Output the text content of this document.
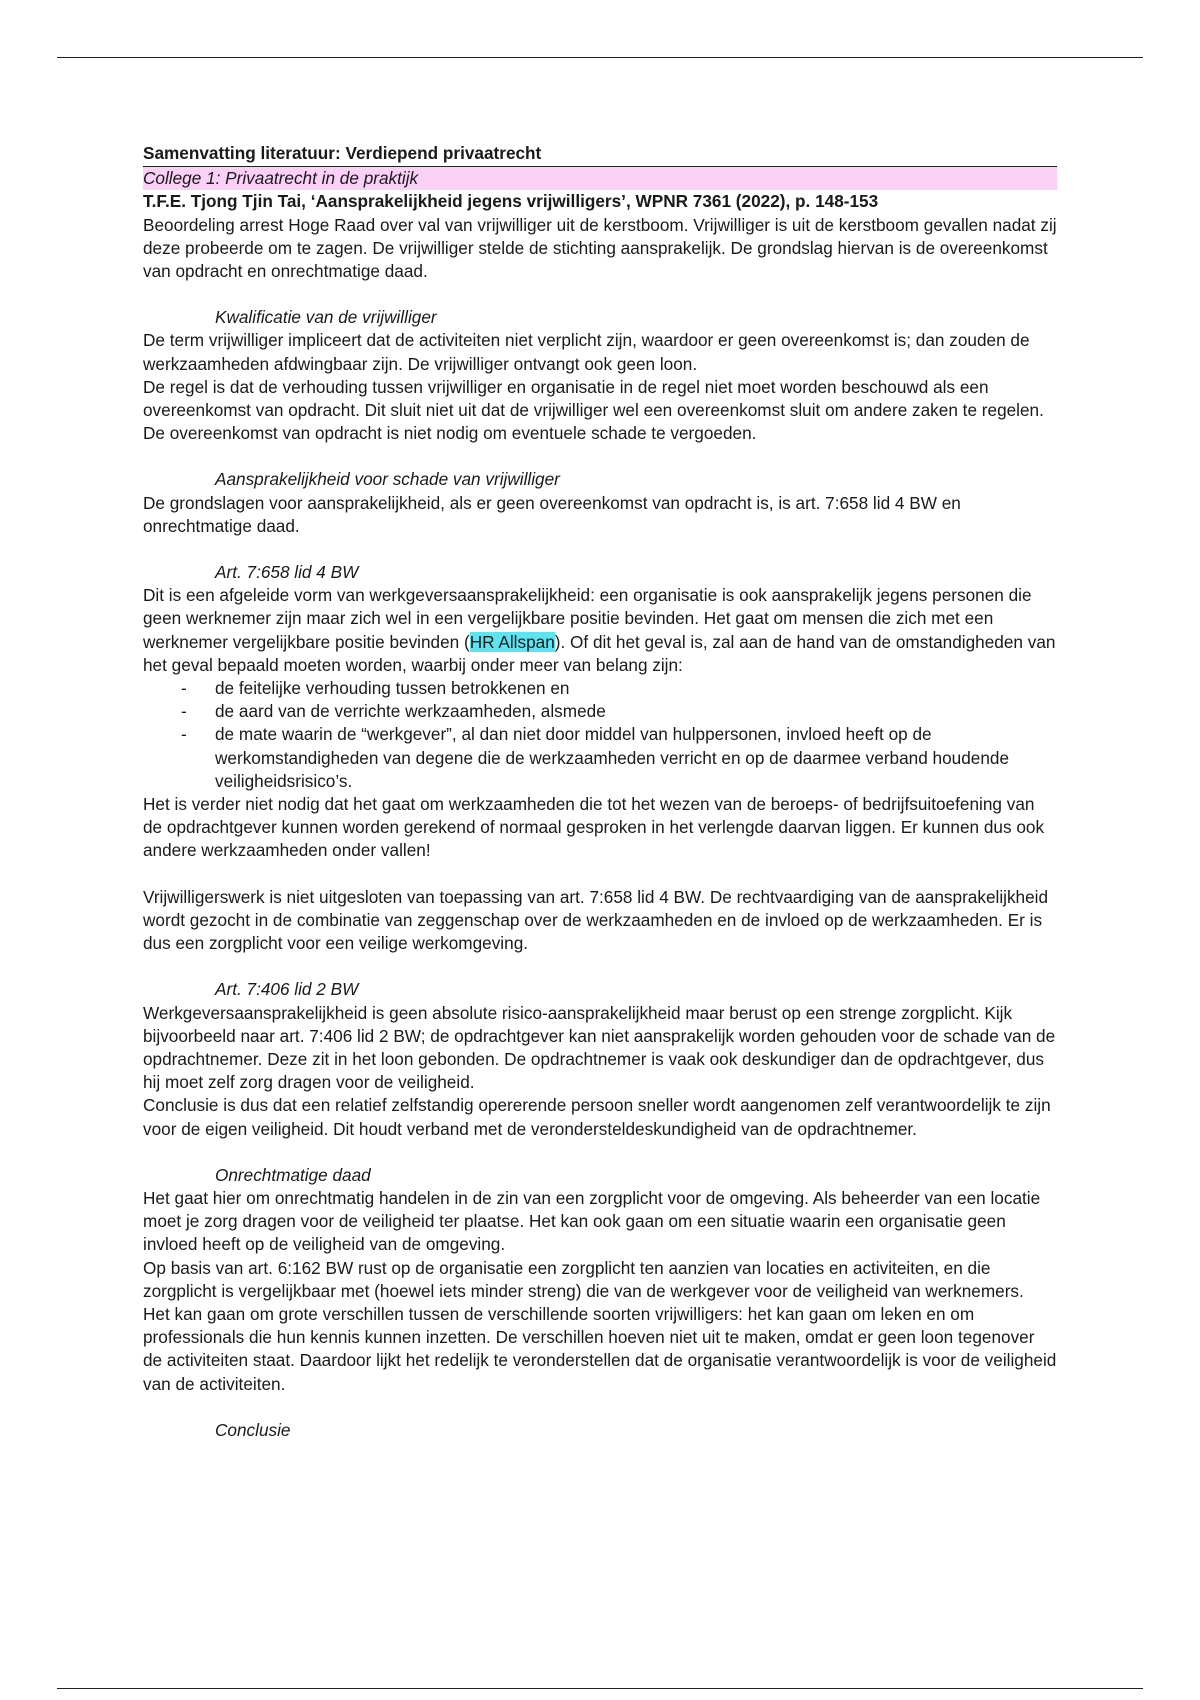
Samenvatting literatuur: Verdiepend privaatrecht
College 1: Privaatrecht in de praktijk
T.F.E. Tjong Tjin Tai, ‘Aansprakelijkheid jegens vrijwilligers’, WPNR 7361 (2022), p. 148-153

Beoordeling arrest Hoge Raad over val van vrijwilliger uit de kerstboom. Vrijwilliger is uit de kerstboom gevallen nadat zij deze probeerde om te zagen. De vrijwilliger stelde de stichting aansprakelijk. De grondslag hiervan is de overeenkomst van opdracht en onrechtmatige daad.

Kwalificatie van de vrijwilliger

De term vrijwilliger impliceert dat de activiteiten niet verplicht zijn, waardoor er geen overeenkomst is; dan zouden de werkzaamheden afdwingbaar zijn. De vrijwilliger ontvangt ook geen loon.

De regel is dat de verhouding tussen vrijwilliger en organisatie in de regel niet moet worden beschouwd als een overeenkomst van opdracht. Dit sluit niet uit dat de vrijwilliger wel een overeenkomst sluit om andere zaken te regelen.

De overeenkomst van opdracht is niet nodig om eventuele schade te vergoeden.

Aansprakelijkheid voor schade van vrijwilliger

De grondslagen voor aansprakelijkheid, als er geen overeenkomst van opdracht is, is art. 7:658 lid 4 BW en onrechtmatige daad.

Art. 7:658 lid 4 BW

Dit is een afgeleide vorm van werkgeversaansprakelijkheid: een organisatie is ook aansprakelijk jegens personen die geen werknemer zijn maar zich wel in een vergelijkbare positie bevinden. Het gaat om mensen die zich met een werknemer vergelijkbare positie bevinden (HR Allspan). Of dit het geval is, zal aan de hand van de omstandigheden van het geval bepaald moeten worden, waarbij onder meer van belang zijn:

- de feitelijke verhouding tussen betrokkenen en
- de aard van de verrichte werkzaamheden, alsmede
- de mate waarin de “werkgever”, al dan niet door middel van hulppersonen, invloed heeft op de werkomstandigheden van degene die de werkzaamheden verricht en op de daarmee verband houdende veiligheidsrisico’s.

Het is verder niet nodig dat het gaat om werkzaamheden die tot het wezen van de beroeps- of bedrijfsuitoefening van de opdrachtgever kunnen worden gerekend of normaal gesproken in het verlengde daarvan liggen. Er kunnen dus ook andere werkzaamheden onder vallen!

Vrijwilligerswerk is niet uitgesloten van toepassing van art. 7:658 lid 4 BW. De rechtvaardiging van de aansprakelijkheid wordt gezocht in de combinatie van zeggenschap over de werkzaamheden en de invloed op de werkzaamheden. Er is dus een zorgplicht voor een veilige werkomgeving.

Art. 7:406 lid 2 BW

Werkgeversaansprakelijkheid is geen absolute risico-aansprakelijkheid maar berust op een strenge zorgplicht. Kijk bijvoorbeeld naar art. 7:406 lid 2 BW; de opdrachtgever kan niet aansprakelijk worden gehouden voor de schade van de opdrachtnemer. Deze zit in het loon gebonden. De opdrachtnemer is vaak ook deskundiger dan de opdrachtgever, dus hij moet zelf zorg dragen voor de veiligheid.

Conclusie is dus dat een relatief zelfstandig opererende persoon sneller wordt aangenomen zelf verantwoordelijk te zijn voor de eigen veiligheid. Dit houdt verband met de verondersteldeskundigheid van de opdrachtnemer.

Onrechtmatige daad

Het gaat hier om onrechtmatig handelen in de zin van een zorgplicht voor de omgeving. Als beheerder van een locatie moet je zorg dragen voor de veiligheid ter plaatse. Het kan ook gaan om een situatie waarin een organisatie geen invloed heeft op de veiligheid van de omgeving.

Op basis van art. 6:162 BW rust op de organisatie een zorgplicht ten aanzien van locaties en activiteiten, en die zorgplicht is vergelijkbaar met (hoewel iets minder streng) die van de werkgever voor de veiligheid van werknemers.

Het kan gaan om grote verschillen tussen de verschillende soorten vrijwilligers: het kan gaan om leken en om professionals die hun kennis kunnen inzetten. De verschillen hoeven niet uit te maken, omdat er geen loon tegenover de activiteiten staat. Daardoor lijkt het redelijk te veronderstellen dat de organisatie verantwoordelijk is voor de veiligheid van de activiteiten.

Conclusie
